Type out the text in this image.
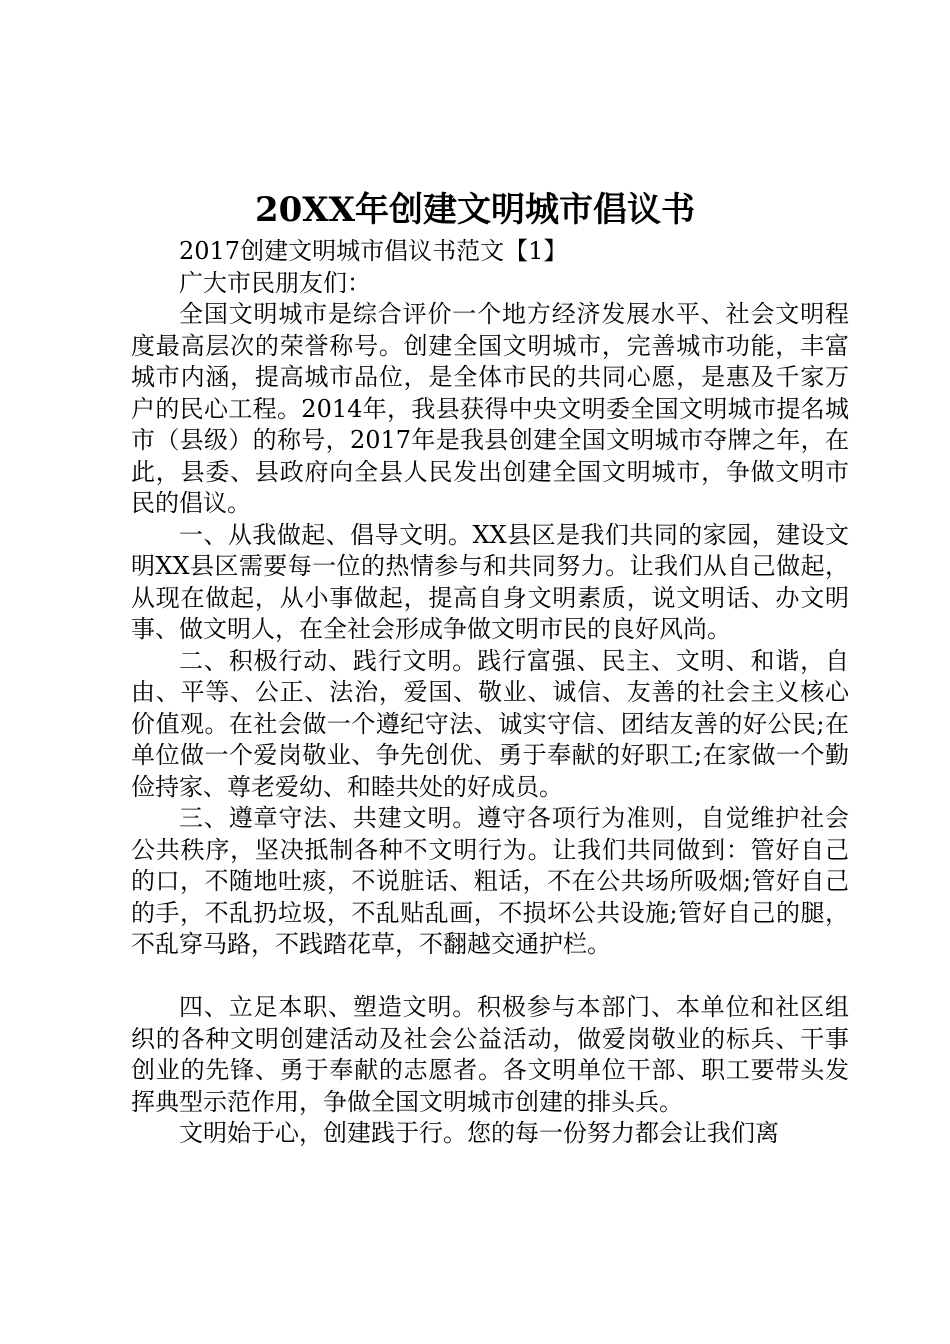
20XX年创建文明城市倡议书

2017创建文明城市倡议书范文【1】

广大市民朋友们：

全国文明城市是综合评价一个地方经济发展水平、社会文明程度最高层次的荣誉称号。创建全国文明城市，完善城市功能，丰富城市内涵，提高城市品位，是全体市民的共同心愿，是惠及千家万户的民心工程。2014年，我县获得中央文明委全国文明城市提名城市（县级）的称号，2017年是我县创建全国文明城市夺牌之年，在此，县委、县政府向全县人民发出创建全国文明城市，争做文明市民的倡议。

一、从我做起、倡导文明。XX县区是我们共同的家园，建设文明XX县区需要每一位的热情参与和共同努力。让我们从自己做起，从现在做起，从小事做起，提高自身文明素质，说文明话、办文明事、做文明人，在全社会形成争做文明市民的良好风尚。

二、积极行动、践行文明。践行富强、民主、文明、和谐，自由、平等、公正、法治，爱国、敬业、诚信、友善的社会主义核心价值观。在社会做一个遵纪守法、诚实守信、团结友善的好公民;在单位做一个爱岗敬业、争先创优、勇于奉献的好职工;在家做一个勤俭持家、尊老爱幼、和睦共处的好成员。

三、遵章守法、共建文明。遵守各项行为准则，自觉维护社会公共秩序，坚决抵制各种不文明行为。让我们共同做到：管好自己的口，不随地吐痰，不说脏话、粗话，不在公共场所吸烟;管好自己的手，不乱扔垃圾，不乱贴乱画，不损坏公共设施;管好自己的腿，不乱穿马路，不践踏花草，不翻越交通护栏。

四、立足本职、塑造文明。积极参与本部门、本单位和社区组织的各种文明创建活动及社会公益活动，做爱岗敬业的标兵、干事创业的先锋、勇于奉献的志愿者。各文明单位干部、职工要带头发挥典型示范作用，争做全国文明城市创建的排头兵。

文明始于心，创建践于行。您的每一份努力都会让我们离
